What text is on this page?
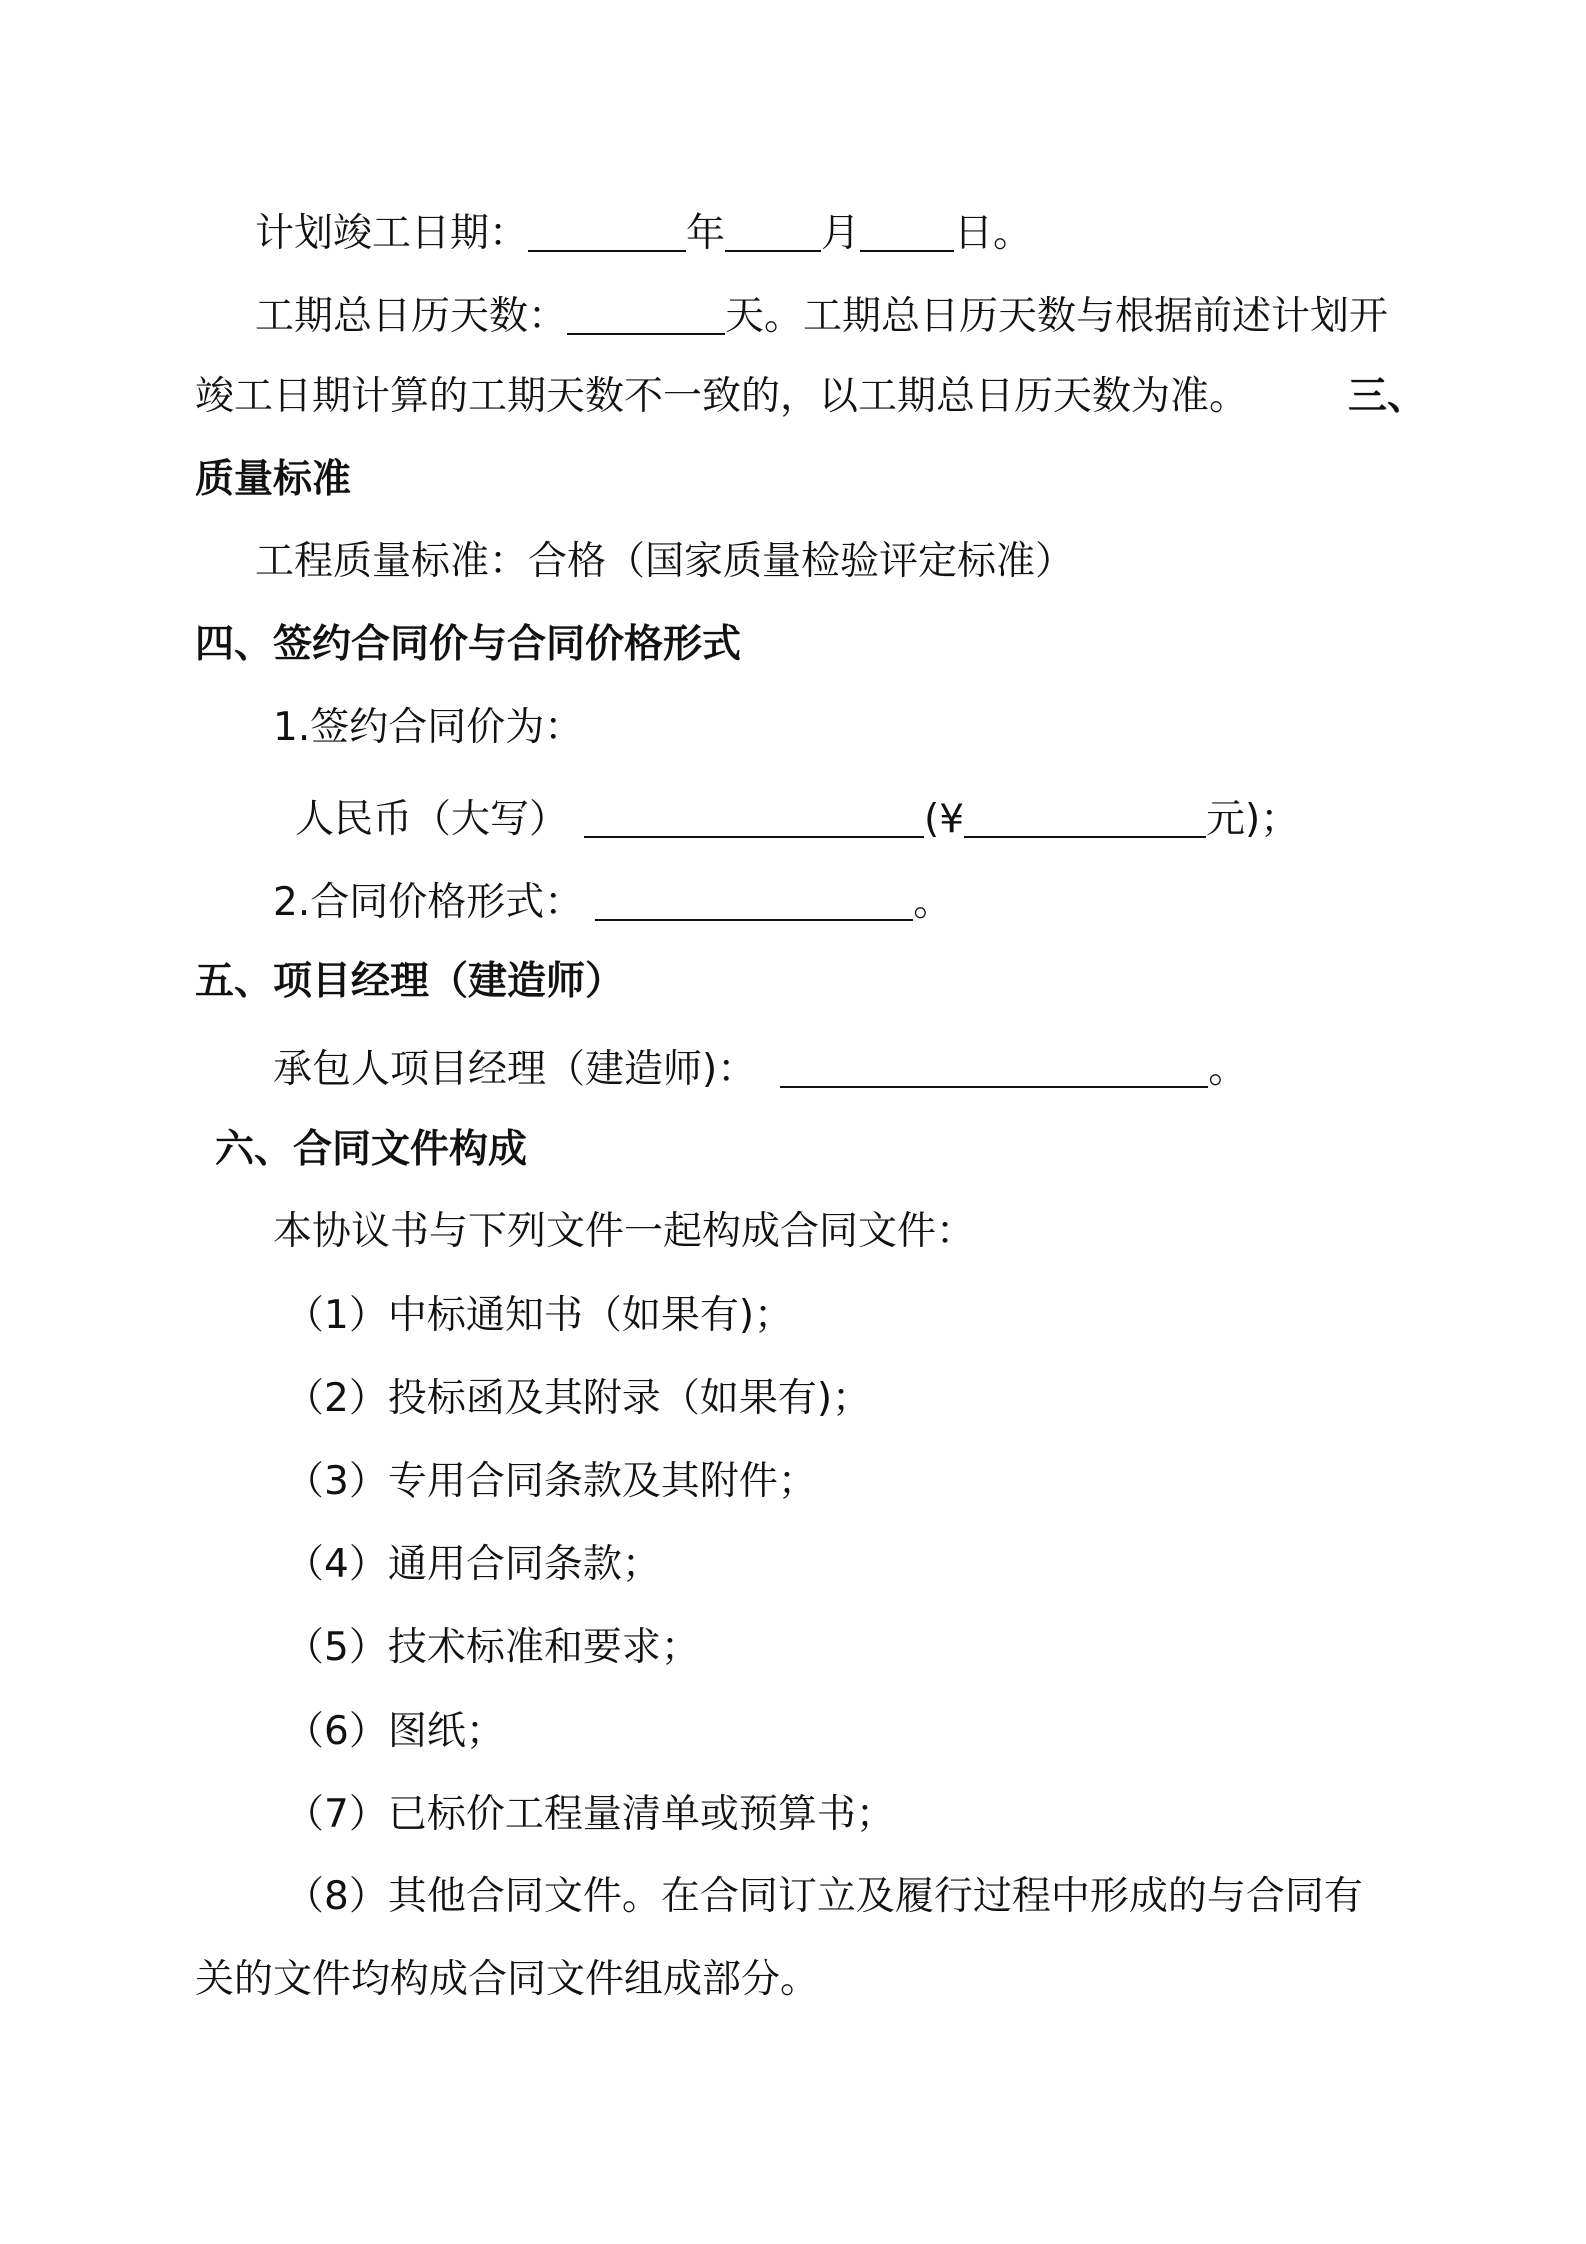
计划竣工日期：	年 月 日。
工期总日历天数：	天。工期总日历天数与根据前述计划开
竣工日期计算的工期天数不一致的，以工期总日历天数为准。	三、
质量标准
工程质量标准：合格（国家质量检验评定标准）
四、签约合同价与合同价格形式
1.签约合同价为：
人民币（大写）	(¥	元)；
2.合同价格形式：	。
五、项目经理（建造师）
承包人项目经理（建造师)：	。
六、合同文件构成
本协议书与下列文件一起构成合同文件：
（1）中标通知书（如果有)；
（2）投标函及其附录（如果有)；
（3）专用合同条款及其附件；
（4）通用合同条款；
（5）技术标准和要求；
（6）图纸；
（7）已标价工程量清单或预算书；
（8）其他合同文件。在合同订立及履行过程中形成的与合同有
关的文件均构成合同文件组成部分。
